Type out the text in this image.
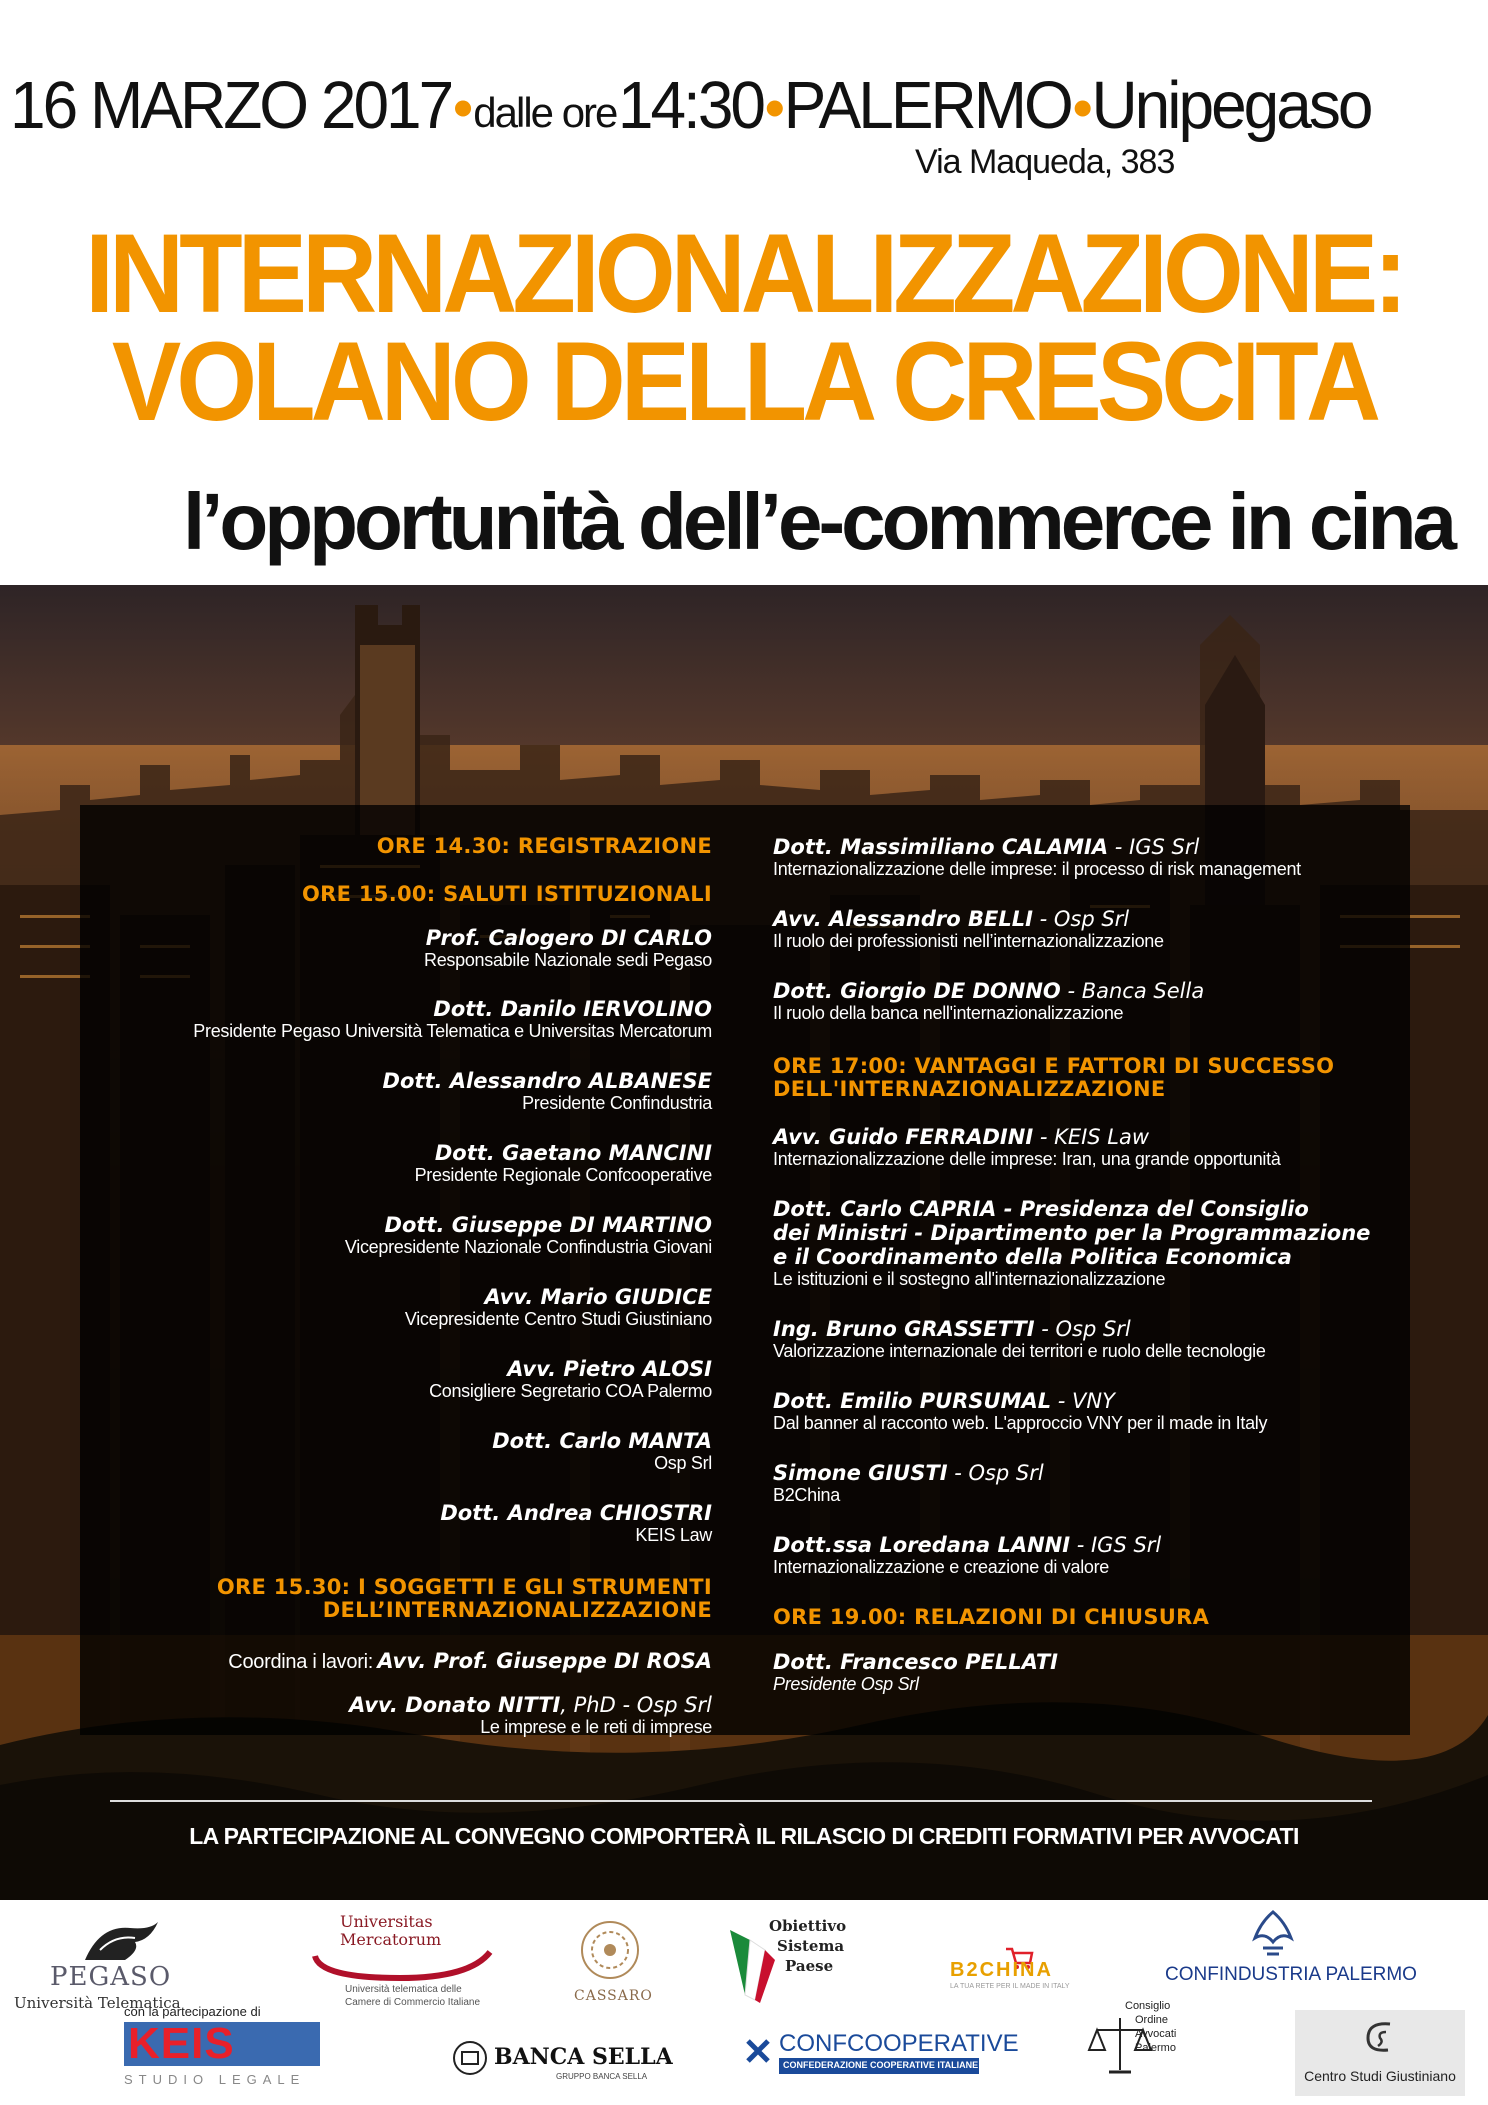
16 MARZO 2017• dalle ore 14:30•PALERMO•Unipegaso
Via Maqueda, 383
INTERNAZIONALIZZAZIONE:
VOLANO DELLA CRESCITA
l’opportunità dell’e-commerce in cina
ORE 14.30: REGISTRAZIONE
ORE 15.00: SALUTI ISTITUZIONALI
Prof. Calogero DI CARLO
Responsabile Nazionale sedi Pegaso
Dott. Danilo IERVOLINO
Presidente Pegaso Università Telematica e Universitas Mercatorum
Dott. Alessandro ALBANESE
Presidente Confindustria
Dott. Gaetano MANCINI
Presidente Regionale Confcooperative
Dott. Giuseppe DI MARTINO
Vicepresidente Nazionale Confindustria Giovani
Avv. Mario GIUDICE
Vicepresidente Centro Studi Giustiniano
Avv. Pietro ALOSI
Consigliere Segretario COA Palermo
Dott. Carlo MANTA
Osp Srl
Dott. Andrea CHIOSTRI
KEIS Law
ORE 15.30: I SOGGETTI E GLI STRUMENTI
DELL’INTERNAZIONALIZZAZIONE
Coordina i lavori: Avv. Prof. Giuseppe DI ROSA
Avv. Donato NITTI, PhD - Osp Srl
Le imprese e le reti di imprese
Dott. Massimiliano CALAMIA - IGS Srl
Internazionalizzazione delle imprese: il processo di risk management
Avv. Alessandro BELLI - Osp Srl
Il ruolo dei professionisti nell’internazionalizzazione
Dott. Giorgio DE DONNO - Banca Sella
Il ruolo della banca nell'internazionalizzazione
ORE 17:00: VANTAGGI E FATTORI DI SUCCESSO
DELL'INTERNAZIONALIZZAZIONE
Avv. Guido FERRADINI - KEIS Law
Internazionalizzazione delle imprese: Iran, una grande opportunità
Dott. Carlo CAPRIA - Presidenza del Consiglio
dei Ministri - Dipartimento per la Programmazione
e il Coordinamento della Politica Economica
Le istituzioni e il sostegno all'internazionalizzazione
Ing. Bruno GRASSETTI - Osp Srl
Valorizzazione internazionale dei territori e ruolo delle tecnologie
Dott. Emilio PURSUMAL - VNY
Dal banner al racconto web. L'approccio VNY per il made in Italy
Simone GIUSTI - Osp Srl
B2China
Dott.ssa Loredana LANNI - IGS Srl
Internazionalizzazione e creazione di valore
ORE 19.00: RELAZIONI DI CHIUSURA
Dott. Francesco PELLATI
Presidente Osp Srl
LA PARTECIPAZIONE AL CONVEGNO COMPORTERÀ IL RILASCIO DI CREDITI FORMATIVI PER AVVOCATI
PEGASO
Università Telematica
Universitas
Mercatorum
Università telematica delle
Camere di Commercio Italiane	CASSARO
Obiettivo
Sistema
Paese	B2CHINA
LA TUA RETE PER IL MADE IN ITALY
CONFINDUSTRIA PALERMO
con la partecipazione di
KEIS
STUDIO LEGALE
BANCA SELLA
GRUPPO BANCA SELLA
CONFCOOPERATIVE
CONFEDERAZIONE COOPERATIVE ITALIANE
Consiglio
Ordine
Avvocati
Palermo
Centro Studi Giustiniano
